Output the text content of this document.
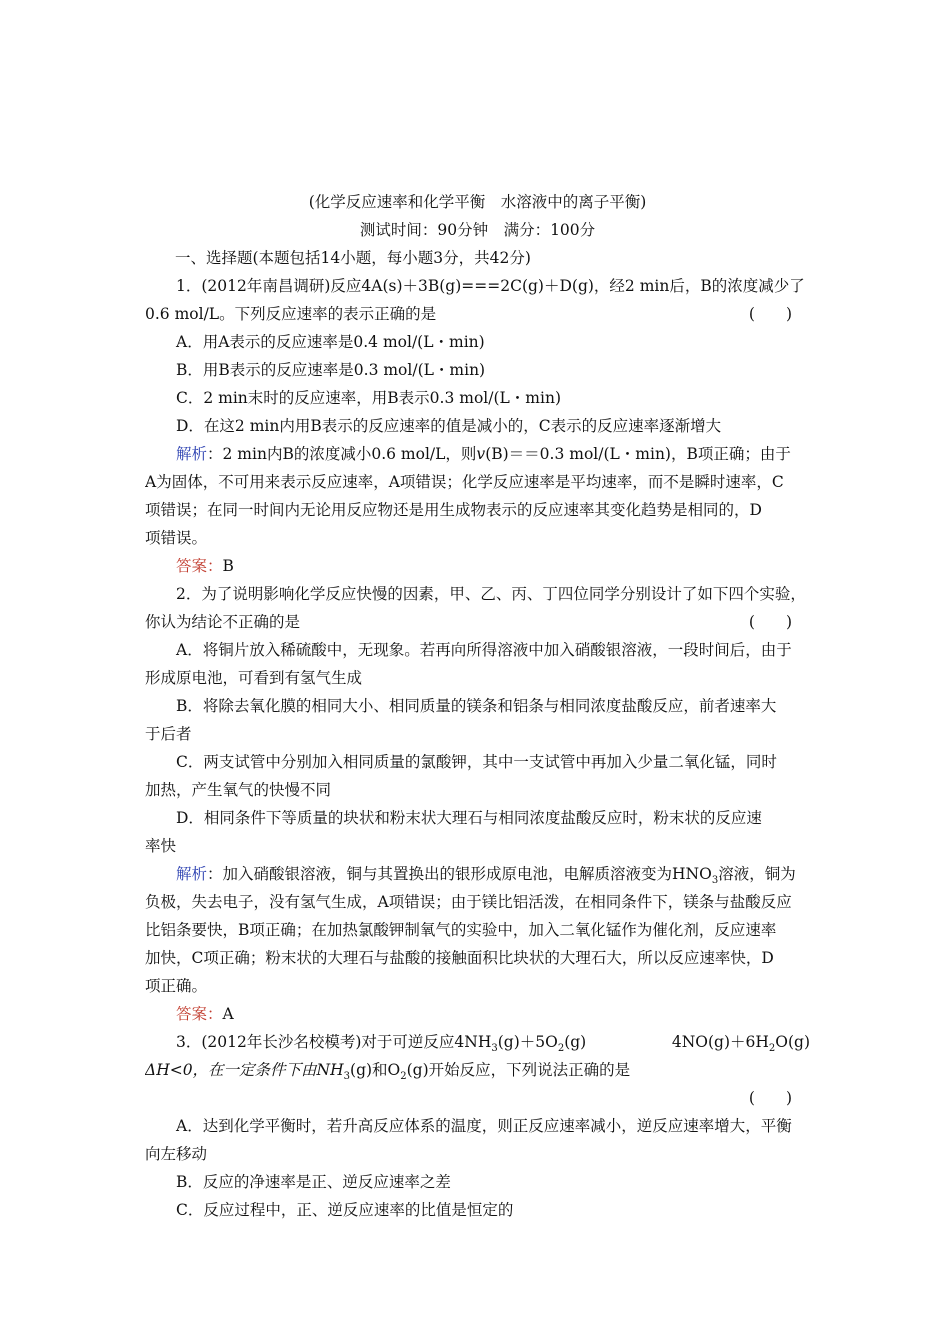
(化学反应速率和化学平衡　水溶液中的离子平衡)
测试时间：90分钟　满分：100分
一、选择题(本题包括14小题，每小题3分，共42分)
1．(2012年南昌调研)反应4A(s)＋3B(g)===2C(g)＋D(g)，经2 min后，B的浓度减少了
0.6 mol/L。下列反应速率的表示正确的是	(　　)
A．用A表示的反应速率是0.4 mol/(L・min)
B．用B表示的反应速率是0.3 mol/(L・min)
C．2 min末时的反应速率，用B表示0.3 mol/(L・min)
D．在这2 min内用B表示的反应速率的值是减小的，C表示的反应速率逐渐增大
解析：2 min内B的浓度减小0.6 mol/L，则v(B)＝＝0.3 mol/(L・min)，B项正确；由于
A为固体，不可用来表示反应速率，A项错误；化学反应速率是平均速率，而不是瞬时速率，C
项错误；在同一时间内无论用反应物还是用生成物表示的反应速率其变化趋势是相同的，D
项错误。
答案：B
2．为了说明影响化学反应快慢的因素，甲、乙、丙、丁四位同学分别设计了如下四个实验，
你认为结论不正确的是	(　　)
A．将铜片放入稀硫酸中，无现象。若再向所得溶液中加入硝酸银溶液，一段时间后，由于
形成原电池，可看到有氢气生成
B．将除去氧化膜的相同大小、相同质量的镁条和铝条与相同浓度盐酸反应，前者速率大
于后者
C．两支试管中分别加入相同质量的氯酸钾，其中一支试管中再加入少量二氧化锰，同时
加热，产生氧气的快慢不同
D．相同条件下等质量的块状和粉末状大理石与相同浓度盐酸反应时，粉末状的反应速
率快
解析：加入硝酸银溶液，铜与其置换出的银形成原电池，电解质溶液变为$HNO_3$溶液，铜为
负极，失去电子，没有氢气生成，A项错误；由于镁比铝活泼，在相同条件下，镁条与盐酸反应
比铝条要快，B项正确；在加热氯酸钾制氧气的实验中，加入二氧化锰作为催化剂，反应速率
加快，C项正确；粉末状的大理石与盐酸的接触面积比块状的大理石大，所以反应速率快，D
项正确。
答案：A
3．(2012年长沙名校模考)对于可逆反应$4NH_3(g)+5O_2(g)$	$4NO(g)+6H_2O(g)$
ΔH<0，在一定条件下由$NH_3(g)$和$O_2(g)$开始反应，下列说法正确的是
(　　)
A．达到化学平衡时，若升高反应体系的温度，则正反应速率减小，逆反应速率增大，平衡
向左移动
B．反应的净速率是正、逆反应速率之差
C．反应过程中，正、逆反应速率的比值是恒定的
